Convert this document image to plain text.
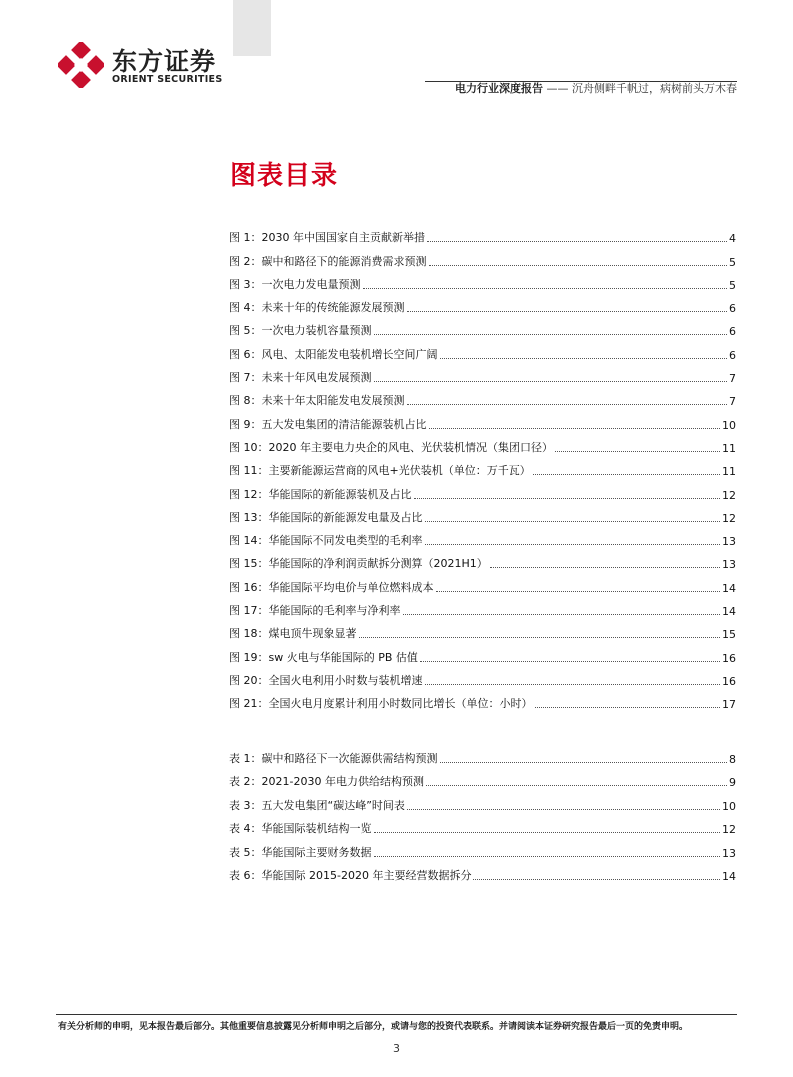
东方证券
ORIENT SECURITIES
电力行业深度报告 —— 沉舟侧畔千帆过，病树前头万木春
图表目录
图 1：2030 年中国国家自主贡献新举措	4
图 2：碳中和路径下的能源消费需求预测	5
图 3：一次电力发电量预测	5
图 4：未来十年的传统能源发展预测	6
图 5：一次电力装机容量预测	6
图 6：风电、太阳能发电装机增长空间广阔	6
图 7：未来十年风电发展预测	7
图 8：未来十年太阳能发电发展预测	7
图 9：五大发电集团的清洁能源装机占比	10
图 10：2020 年主要电力央企的风电、光伏装机情况（集团口径）	11
图 11：主要新能源运营商的风电+光伏装机（单位：万千瓦）	11
图 12：华能国际的新能源装机及占比	12
图 13：华能国际的新能源发电量及占比	12
图 14：华能国际不同发电类型的毛利率	13
图 15：华能国际的净利润贡献拆分测算（2021H1）	13
图 16：华能国际平均电价与单位燃料成本	14
图 17：华能国际的毛利率与净利率	14
图 18：煤电顶牛现象显著	15
图 19：sw 火电与华能国际的 PB 估值	16
图 20：全国火电利用小时数与装机增速	16
图 21：全国火电月度累计利用小时数同比增长（单位：小时）	17
表 1：碳中和路径下一次能源供需结构预测	8
表 2：2021-2030 年电力供给结构预测	9
表 3：五大发电集团“碳达峰”时间表	10
表 4：华能国际装机结构一览	12
表 5：华能国际主要财务数据	13
表 6：华能国际 2015-2020 年主要经营数据拆分	14
有关分析师的申明，见本报告最后部分。其他重要信息披露见分析师申明之后部分，或请与您的投资代表联系。并请阅读本证券研究报告最后一页的免责申明。
3
